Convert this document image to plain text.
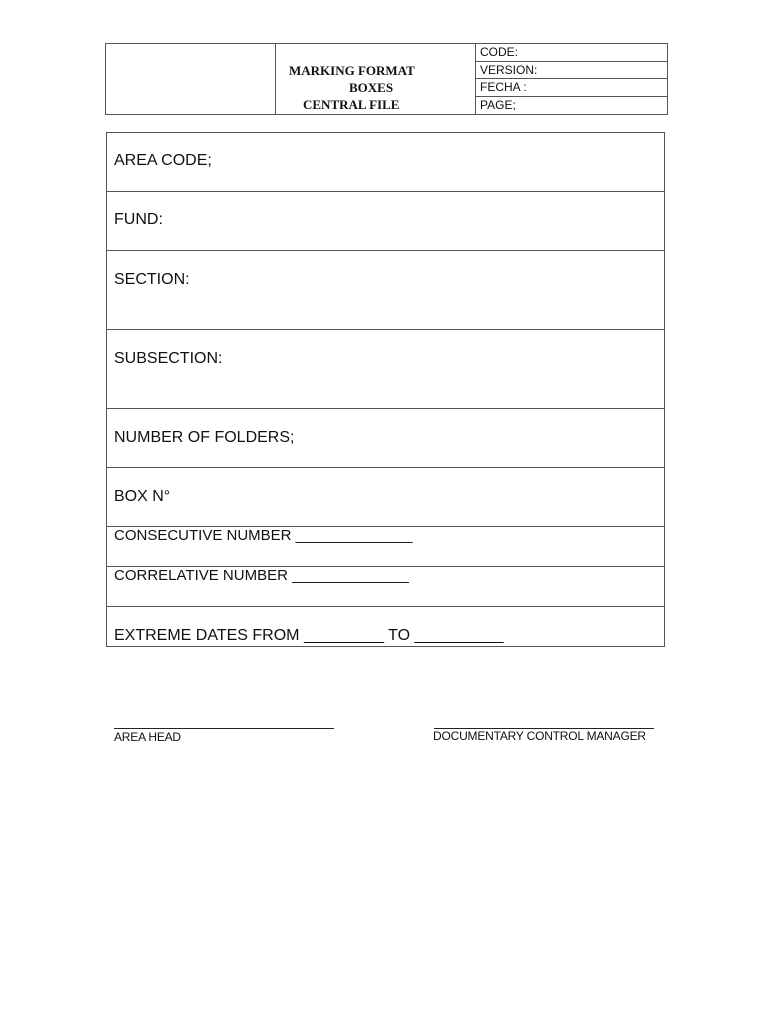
MARKING FORMAT
BOXES
CENTRAL FILE
CODE:
VERSION:
FECHA :
PAGE;
AREA CODE;
FUND:
SECTION:
SUBSECTION:
NUMBER OF FOLDERS;
BOX N°
CONSECUTIVE NUMBER ______________
CORRELATIVE NUMBER ______________
EXTREME DATES FROM _________ TO __________
AREA HEAD	DOCUMENTARY CONTROL MANAGER
